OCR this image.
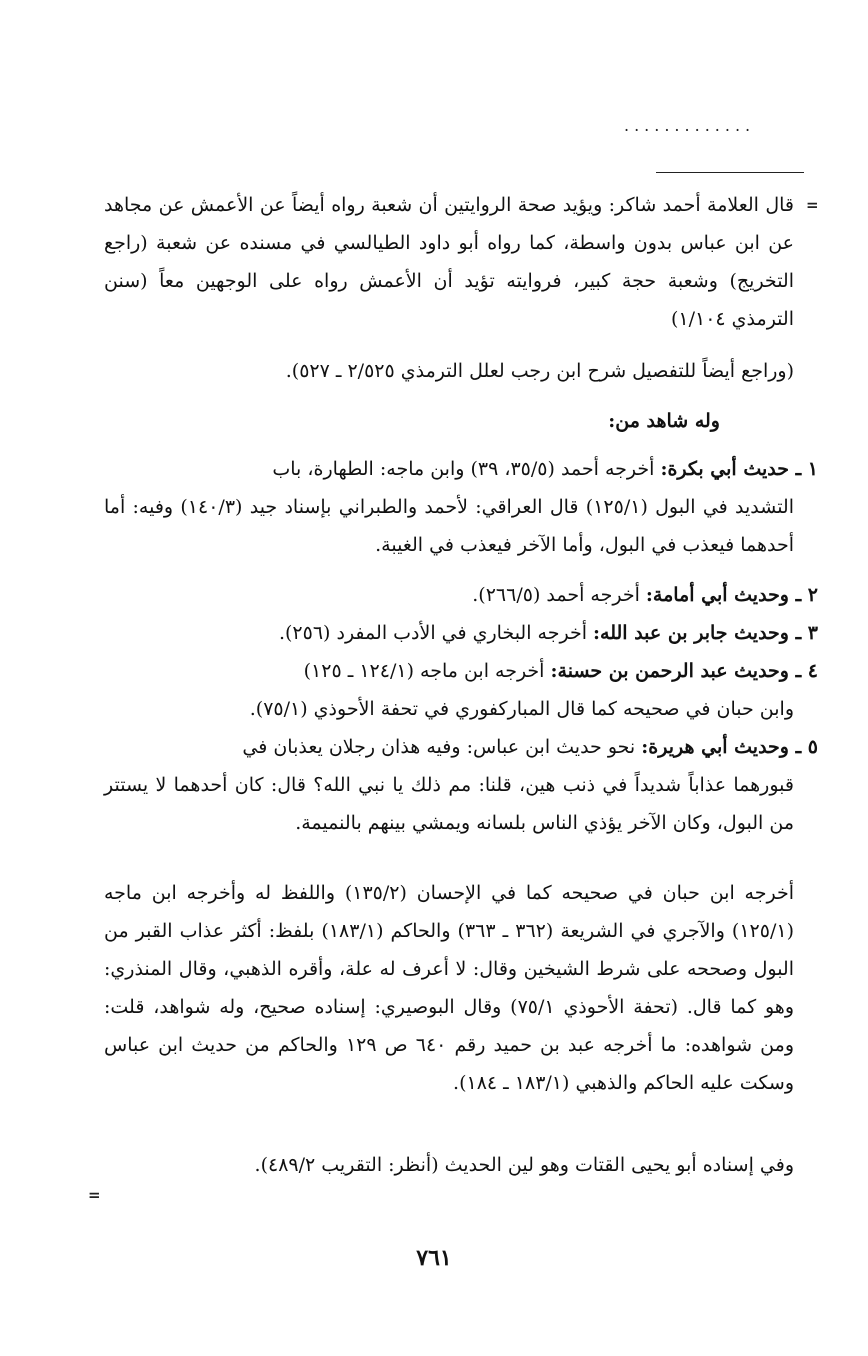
.............
=
=

قال العلامة أحمد شاكر: ويؤيد صحة الروايتين أن شعبة رواه أيضاً عن الأعمش عن مجاهد عن ابن عباس بدون واسطة، كما رواه أبو داود الطيالسي في مسنده عن شعبة (راجع التخريج) وشعبة حجة كبير، فروايته تؤيد أن الأعمش رواه على الوجهين معاً (سنن الترمذي ١/١٠٤)

(وراجع أيضاً للتفصيل شرح ابن رجب لعلل الترمذي ٢/٥٢٥ ـ ٥٢٧).

وله شاهد من:

١ ـ حديث أبي بكرة: أخرجه أحمد (٣٥/٥، ٣٩) وابن ماجه: الطهارة، باب

التشديد في البول (١٢٥/١) قال العراقي: لأحمد والطبراني بإسناد جيد (١٤٠/٣) وفيه: أما أحدهما فيعذب في البول، وأما الآخر فيعذب في الغيبة.

٢ ـ وحديث أبي أمامة: أخرجه أحمد (٢٦٦/٥).

٣ ـ وحديث جابر بن عبد الله: أخرجه البخاري في الأدب المفرد (٢٥٦).

٤ ـ وحديث عبد الرحمن بن حسنة: أخرجه ابن ماجه (١٢٤/١ ـ ١٢٥)

وابن حبان في صحيحه كما قال المباركفوري في تحفة الأحوذي (٧٥/١).

٥ ـ وحديث أبي هريرة: نحو حديث ابن عباس: وفيه هذان رجلان يعذبان في

قبورهما عذاباً شديداً في ذنب هين، قلنا: مم ذلك يا نبي الله؟ قال: كان أحدهما لا يستتر من البول، وكان الآخر يؤذي الناس بلسانه ويمشي بينهم بالنميمة.

أخرجه ابن حبان في صحيحه كما في الإحسان (١٣٥/٢) واللفظ له وأخرجه ابن ماجه (١٢٥/١) والآجري في الشريعة (٣٦٢ ـ ٣٦٣) والحاكم (١٨٣/١) بلفظ: أكثر عذاب القبر من البول وصححه على شرط الشيخين وقال: لا أعرف له علة، وأقره الذهبي، وقال المنذري: وهو كما قال. (تحفة الأحوذي ٧٥/١) وقال البوصيري: إسناده صحيح، وله شواهد، قلت: ومن شواهده: ما أخرجه عبد بن حميد رقم ٦٤٠ ص ١٢٩ والحاكم من حديث ابن عباس وسكت عليه الحاكم والذهبي (١٨٣/١ ـ ١٨٤).

وفي إسناده أبو يحيى القتات وهو لين الحديث (أنظر: التقريب ٤٨٩/٢).

٧٦١
